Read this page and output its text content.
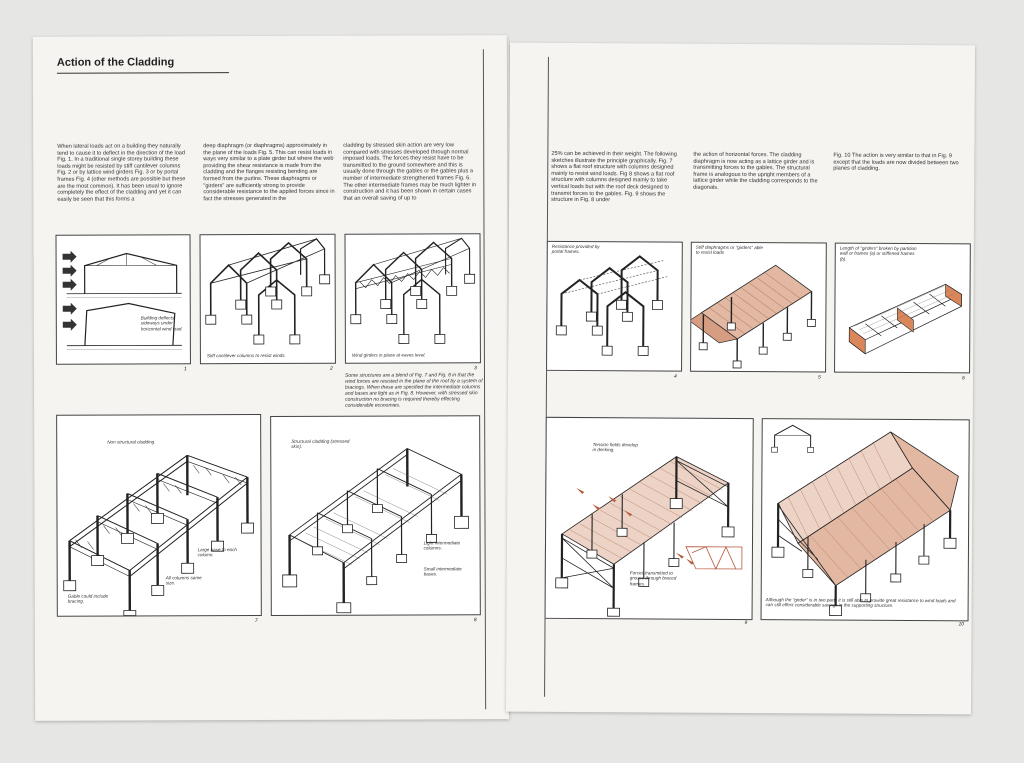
Action of the Cladding
When lateral loads act on a building they naturally tend to cause it to deflect in the direction of the load Fig. 1. In a traditional single storey building these loads might be resisted by stiff cantilever columns Fig. 2 or by lattice wind girders Fig. 3 or by portal frames Fig. 4 (other methods are possible but these are the most common). It has been usual to ignore completely the effect of the cladding and yet it can easily be seen that this forms a
deep diaphragm (or diaphragms) approximately in the plane of the loads Fig. 5. This can resist loads in ways very similar to a plate girder but where the web providing the shear resistance is made from the cladding and the flanges resisting bending are formed from the purlins. These diaphragms or "girders" are sufficiently strong to provide considerable resistance to the applied forces since in fact the stresses generated in the
cladding by stressed skin action are very low compared with stresses developed through normal imposed loads. The forces they resist have to be transmitted to the ground somewhere and this is usually done through the gables or the gables plus a number of intermediate strengthened frames Fig. 6. The other intermediate frames may be much lighter in construction and it has been shown in certain cases that an overall saving of up to
Building deflects sideways under horizontal wind load.
1
Stiff cantilever columns to resist winds.
2
Wind girders in plane at eaves level.
3
Some structures are a blend of Fig. 7 and Fig. 8 in that the wind forces are resisted in the plane of the roof by a system of bracings. When these are specified the intermediate columns and bases are light as in Fig. 8. However, with stressed skin construction no bracing is required thereby effecting considerable economies.
Non structural cladding.
Large base to each column.
Gable could include bracing.
All columns same size.
7
Structural cladding (stressed skin).
Light intermediate columns.
Small intermediate bases.
8
25% can be achieved in their weight. The following sketches illustrate the principle graphically. Fig. 7 shows a flat roof structure with columns designed mainly to resist wind loads. Fig 8 shows a flat roof structure with columns designed mainly to take vertical loads but with the roof deck designed to transmit forces to the gables. Fig. 9 shows the structure in Fig. 8 under
the action of horizontal forces. The cladding diaphragm is now acting as a lattice girder and is transmitting forces to the gables. The structural frame is analogous to the upright members of a lattice girder while the cladding corresponds to the diagonals.
Fig. 10 The action is very similar to that in Fig. 9 except that the loads are now divided between two planes of cladding.
Resistance provided by portal frames.
4
Stiff diaphragms or "girders" able to resist loads
5
Length of "girders" broken by partition wall or frames (a) or stiffened frames (b).
6
Tension fields develop in decking.
Forces transmitted to ground through braced frames.
9
Although the "girder" is in two parts it is still able to provide great resistance to wind loads and can still effect considerable savings in the supporting structure.
10
